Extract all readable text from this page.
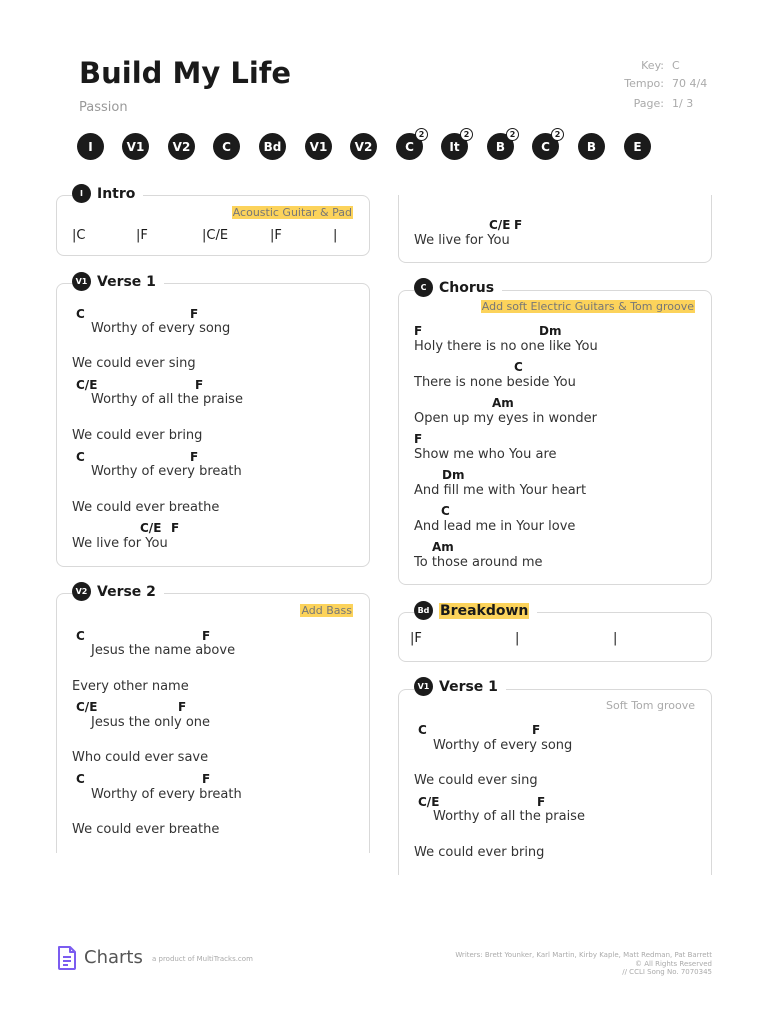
Build My Life
Passion
Key: C
Tempo: 70 4/4
Page: 1/ 3
I	V1 V2	C	Bd V1 V2	C
2
It
2
B
2
C
2
B	E
I	Intro
Acoustic Guitar & Pad
|C	|F	|C/E	|F	|
V1 Verse 1
C	F
Worthy of every song
We could ever sing
C/E	F
Worthy of all the praise
We could ever bring
C	F
Worthy of every breath
We could ever breathe
C/E F
We live for You
V2 Verse 2
Add Bass
C	F
Jesus the name above
Every other name
C/E	F
Jesus the only one
Who could ever save
C	F
Worthy of every breath
We could ever breathe
C/E F
We live for You
C Chorus
Add soft Electric Guitars & Tom groove
F	Dm
Holy there is no one like You
C
There is none beside You
Am
Open up my eyes in wonder
F
Show me who You are
Dm
And fill me with Your heart
C
And lead me in Your love
Am
To those around me
Bd Breakdown
|F	|	|
V1 Verse 1
Soft Tom groove
C	F
Worthy of every song
We could ever sing
C/E	F
Worthy of all the praise
We could ever bring
Charts a product of MultiTracks.com	Writers: Brett Younker, Karl Martin, Kirby Kaple, Matt Redman, Pat Barrett
© All Rights Reserved
// CCLI Song No. 7070345
